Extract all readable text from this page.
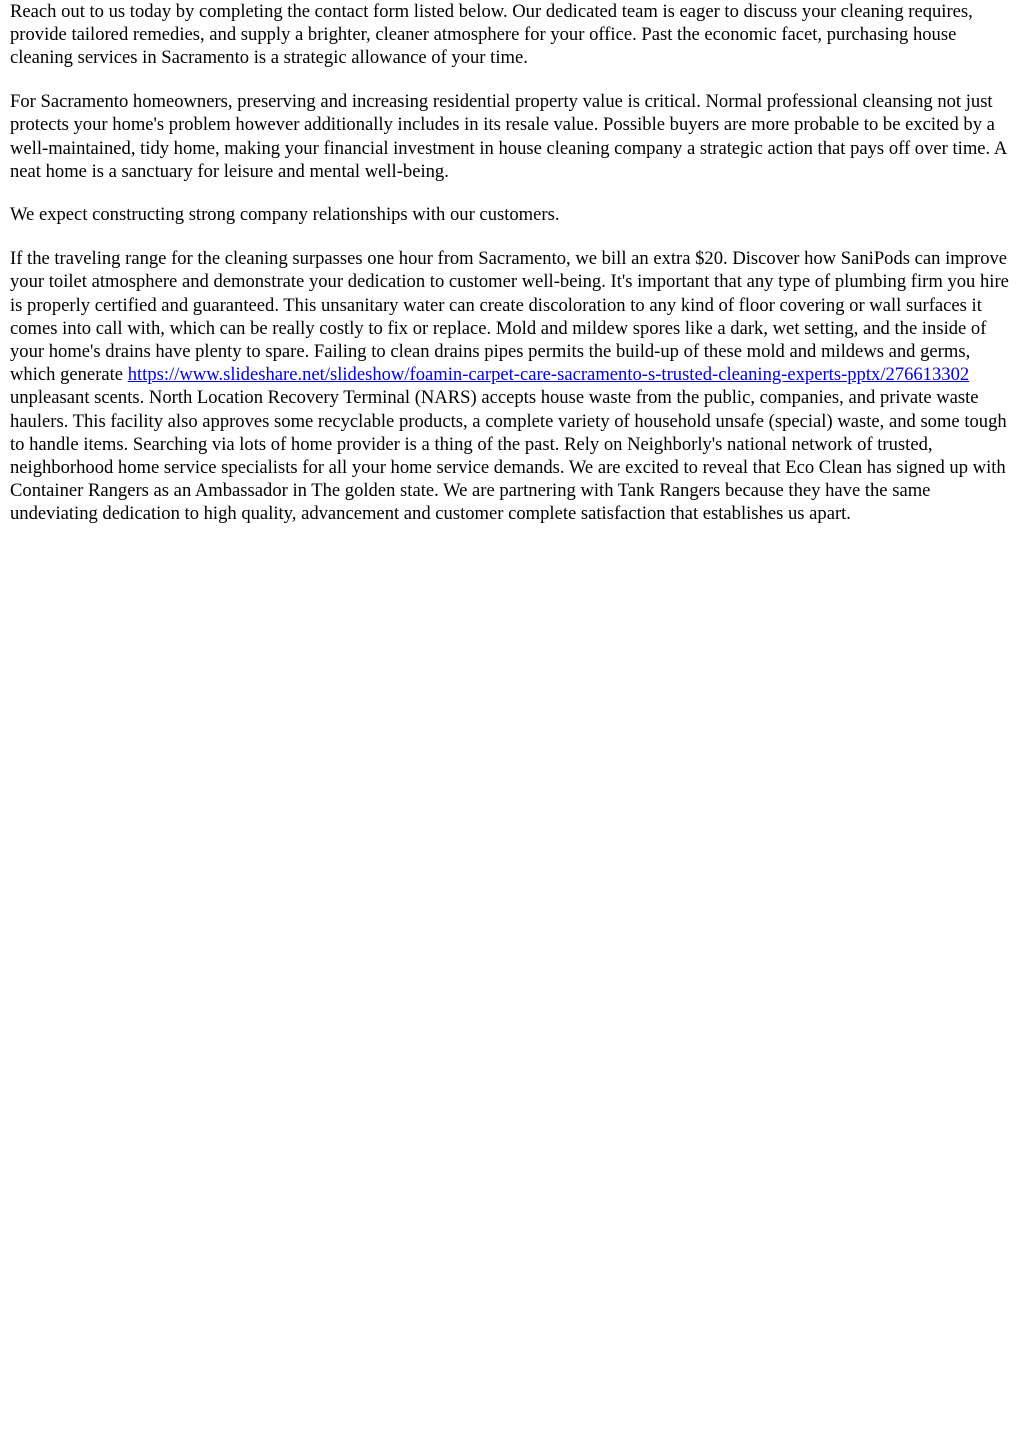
Reach out to us today by completing the contact form listed below. Our dedicated team is eager to discuss your cleaning requires, provide tailored remedies, and supply a brighter, cleaner atmosphere for your office. Past the economic facet, purchasing house cleaning services in Sacramento is a strategic allowance of your time.

For Sacramento homeowners, preserving and increasing residential property value is critical. Normal professional cleansing not just protects your home's problem however additionally includes in its resale value. Possible buyers are more probable to be excited by a well-maintained, tidy home, making your financial investment in house cleaning company a strategic action that pays off over time. A neat home is a sanctuary for leisure and mental well-being.

We expect constructing strong company relationships with our customers.

If the traveling range for the cleaning surpasses one hour from Sacramento, we bill an extra $20. Discover how SaniPods can improve your toilet atmosphere and demonstrate your dedication to customer well-being. It's important that any type of plumbing firm you hire is properly certified and guaranteed. This unsanitary water can create discoloration to any kind of floor covering or wall surfaces it comes into call with, which can be really costly to fix or replace. Mold and mildew spores like a dark, wet setting, and the inside of your home's drains have plenty to spare. Failing to clean drains pipes permits the build-up of these mold and mildews and germs, which generate https://www.slideshare.net/slideshow/foamin-carpet-care-sacramento-s-trusted-cleaning-experts-pptx/276613302 unpleasant scents. North Location Recovery Terminal (NARS) accepts house waste from the public, companies, and private waste haulers. This facility also approves some recyclable products, a complete variety of household unsafe (special) waste, and some tough to handle items. Searching via lots of home provider is a thing of the past. Rely on Neighborly's national network of trusted, neighborhood home service specialists for all your home service demands. We are excited to reveal that Eco Clean has signed up with Container Rangers as an Ambassador in The golden state. We are partnering with Tank Rangers because they have the same undeviating dedication to high quality, advancement and customer complete satisfaction that establishes us apart.
